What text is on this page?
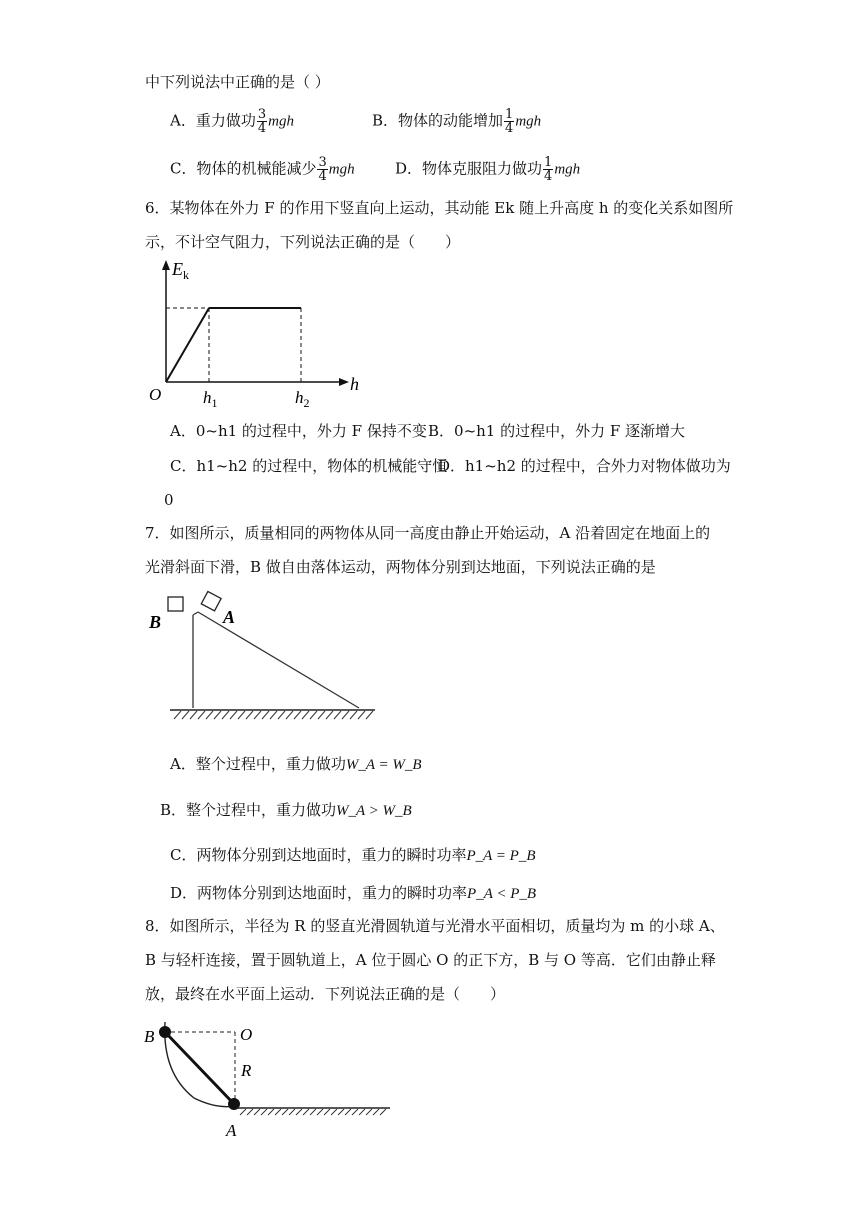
中下列说法中正确的是（ ）
A．重力做功 $\frac{3}{4}$ mgh	B．物体的动能增加 $\frac{1}{4}$ mgh
C．物体的机械能减少 $\frac{3}{4}$ mgh	D．物体克服阻力做功 $\frac{1}{4}$ mgh
6．某物体在外力 F 的作用下竖直向上运动，其动能 Ek 随上升高度 h 的变化关系如图所
示，不计空气阻力，下列说法正确的是（　　）
$E_k$
O
h
$h_1$	$h_2$
A．0~h1 的过程中，外力 F 保持不变 B．0~h1 的过程中，外力 F 逐渐增大
C．h1~h2 的过程中，物体的机械能守恒
D．h1~h2 的过程中，合外力对物体做功为
0
7．如图所示，质量相同的两物体从同一高度由静止开始运动，A 沿着固定在地面上的
光滑斜面下滑，B 做自由落体运动，两物体分别到达地面，下列说法正确的是
B	A
A．整个过程中，重力做功W_A = W_B
B．整个过程中，重力做功W_A > W_B
C．两物体分别到达地面时，重力的瞬时功率P_A = P_B
D．两物体分别到达地面时，重力的瞬时功率P_A < P_B
8．如图所示，半径为 R 的竖直光滑圆轨道与光滑水平面相切，质量均为 m 的小球 A、
B 与轻杆连接，置于圆轨道上，A 位于圆心 O 的正下方，B 与 O 等高．它们由静止释
放，最终在水平面上运动．下列说法正确的是（　　）
B	O
R
A
